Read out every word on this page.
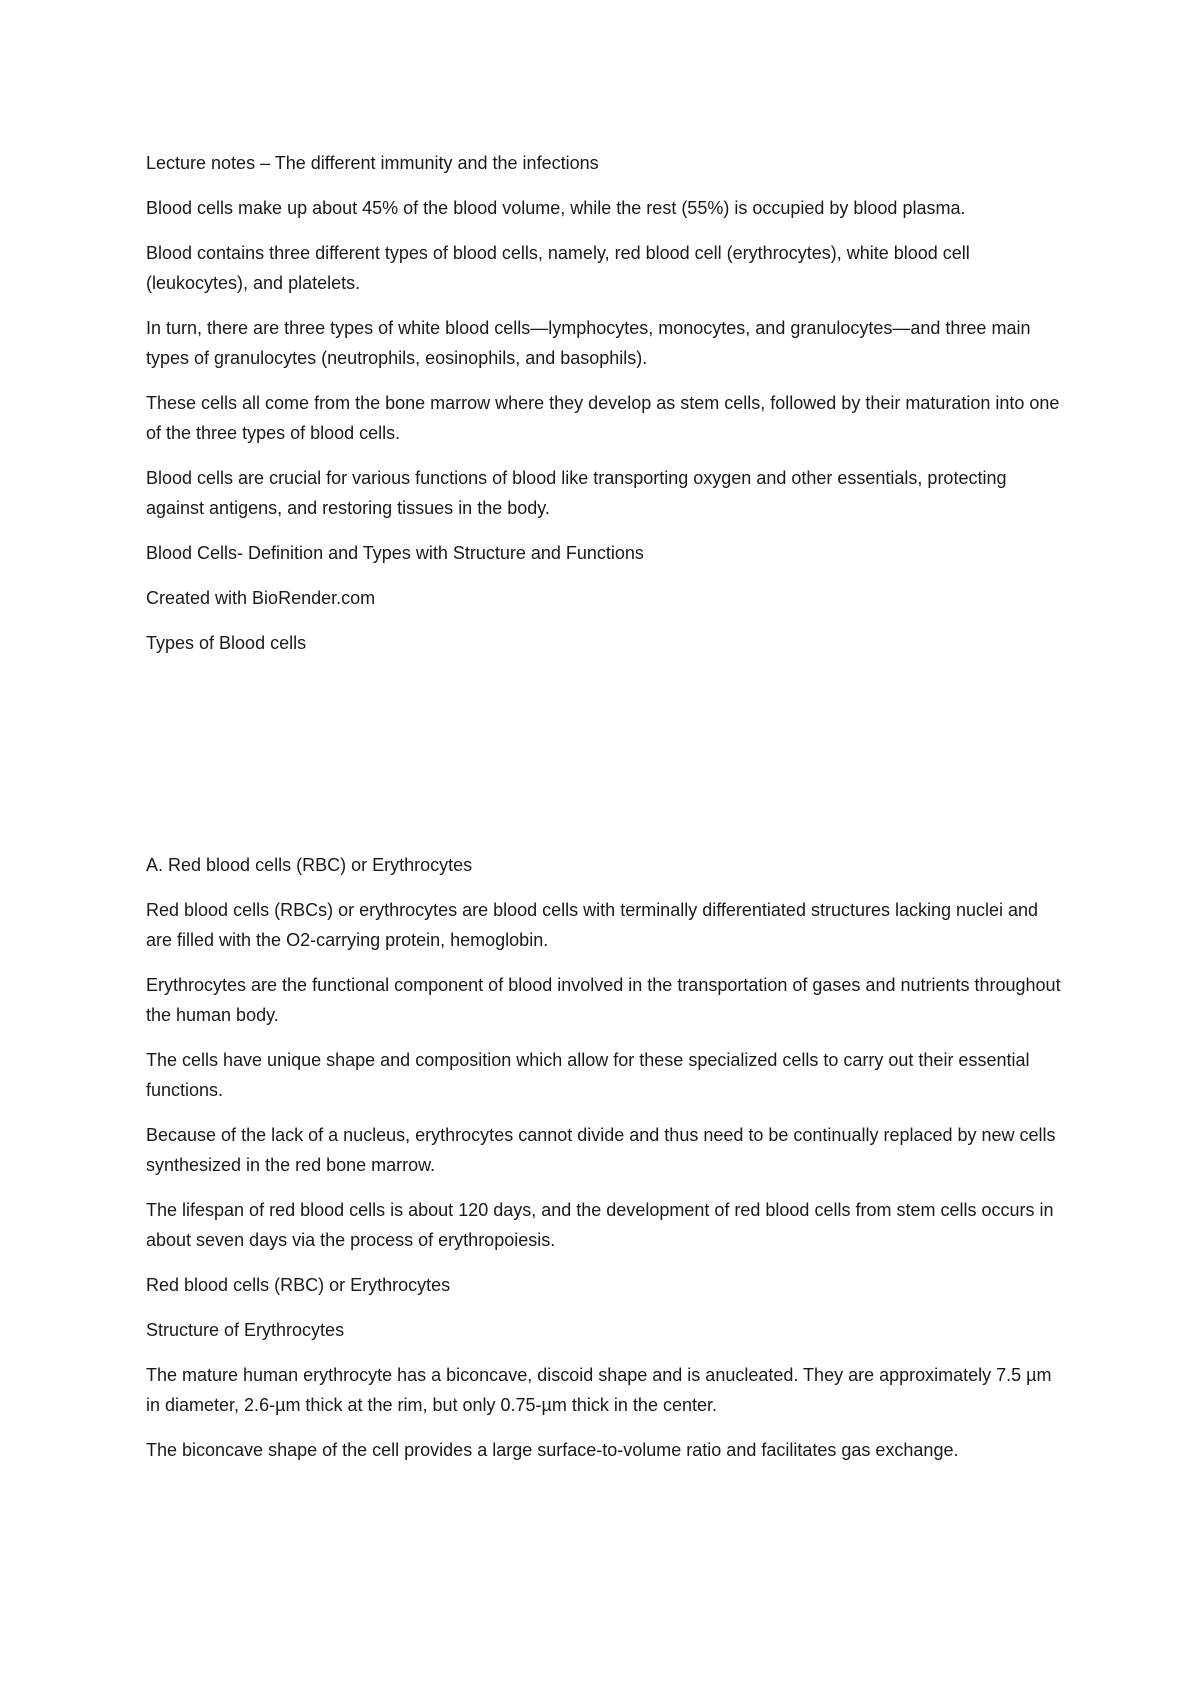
Lecture notes – The different immunity and the infections

Blood cells make up about 45% of the blood volume, while the rest (55%) is occupied by blood plasma.

Blood contains three different types of blood cells, namely, red blood cell (erythrocytes), white blood cell (leukocytes), and platelets.

In turn, there are three types of white blood cells—lymphocytes, monocytes, and granulocytes—and three main types of granulocytes (neutrophils, eosinophils, and basophils).

These cells all come from the bone marrow where they develop as stem cells, followed by their maturation into one of the three types of blood cells.

Blood cells are crucial for various functions of blood like transporting oxygen and other essentials, protecting against antigens, and restoring tissues in the body.

Blood Cells- Definition and Types with Structure and Functions

Created with BioRender.com

Types of Blood cells

A. Red blood cells (RBC) or Erythrocytes

Red blood cells (RBCs) or erythrocytes are blood cells with terminally differentiated structures lacking nuclei and are filled with the O2-carrying protein, hemoglobin.

Erythrocytes are the functional component of blood involved in the transportation of gases and nutrients throughout the human body.

The cells have unique shape and composition which allow for these specialized cells to carry out their essential functions.

Because of the lack of a nucleus, erythrocytes cannot divide and thus need to be continually replaced by new cells synthesized in the red bone marrow.

The lifespan of red blood cells is about 120 days, and the development of red blood cells from stem cells occurs in about seven days via the process of erythropoiesis.

Red blood cells (RBC) or Erythrocytes

Structure of Erythrocytes

The mature human erythrocyte has a biconcave, discoid shape and is anucleated. They are approximately 7.5 µm in diameter, 2.6-µm thick at the rim, but only 0.75-µm thick in the center.

The biconcave shape of the cell provides a large surface-to-volume ratio and facilitates gas exchange.
